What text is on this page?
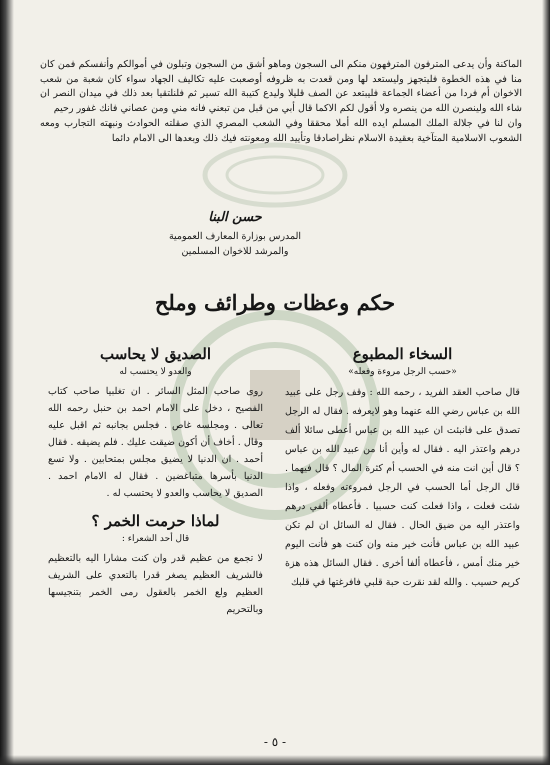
الماكنة وأن يدعى المترفون المترفهون منكم الى السجون وماهو أشق من السجون وتبلون في أموالكم وأنفسكم فمن كان منا في هذه الخطوة فليتجهز وليستعد لها ومن قعدت به ظروفه أوصعبت عليه تكاليف الجهاد سواء كان شعبة من شعب الاخوان أم فردا من أعضاء الجماعة فليبتعد عن الصف قليلا وليدع كتيبة الله تسير ثم فلنلتقيا بعد ذلك في ميدان النصر ان شاء الله ولينصرن الله من ينصره ولا أقول لكم الاكما قال أبي من قبل من تبعني فانه مني ومن عصاني فانك غفور رحيم

وان لنا في جلالة الملك المسلم ايده الله أملا محققا وفي الشعب المصري الذي صقلته الحوادث ونبهته التجارب ومعه الشعوب الاسلامية المتآخية بعقيدة الاسلام نظراصادقا وتأييد الله ومعونته فيك ذلك وبعدها الى الامام دائما

حسن البنا
المدرس بوزارة المعارف العمومية
والمرشد للاخوان المسلمين
حكم وعظات وطرائف وملح
السخاء المطبوع
«حسب الرجل مروءة وفعله»

قال صاحب العقد الفريد ، رحمه الله : وقف رجل على عبيد الله بن عباس رضي الله عنهما وهو لايعرفه . فقال له الرجل تصدق على فانبئت ان عبيد الله بن عباس أعطى سائلا ألف درهم واعتذر اليه . فقال له وأين أنا من عبيد الله بن عباس ؟ قال أين انت منه في الحسب أم كثرة المال ؟ قال فيهما . قال الرجل أما الحسب في الرجل فمروءته وفعله ، واذا شئت فعلت ، واذا فعلت كنت حسبيا . فأعطاه ألفي درهم واعتذر اليه من ضيق الحال . فقال له السائل ان لم تكن عبيد الله بن عباس فأنت خير منه وان كنت هو فأنت اليوم خير منك أمس ، فأعطاه ألفا أخرى . فقال السائل هذه هزة كريم حسيب . والله لقد نقرت حبة قلبي فافرغتها في قلبك

الصديق لا يحاسب
والعدو لا يحتسب له

روى صاحب المثل السائر . ان تغلبيا صاحب كتاب الفصيح ، دخل على الامام احمد بن حنبل رحمه الله تعالى . ومجلسه غاص . فجلس بجانبه ثم اقبل عليه وقال . أخاف أن أكون ضيقت عليك . فلم يضيقه . فقال أحمد . ان الدنيا لا يضيق مجلس بمتحابين . ولا تسع الدنيا بأسرها متباغضين . فقال له الامام احمد . الصديق لا يحاسب والعدو لا يحتسب له .

لماذا حرمت الخمر ؟
قال أحد الشعراء :

لا تجمع من عظيم قدر وان كنت مشارا اليه بالتعظيم فالشريف العظيم يصغر قدرا بالتعدي على الشريف العظيم ولع الخمر بالعقول رمى الخمر بتنجيسها وبالتحريم

- ٥ -
